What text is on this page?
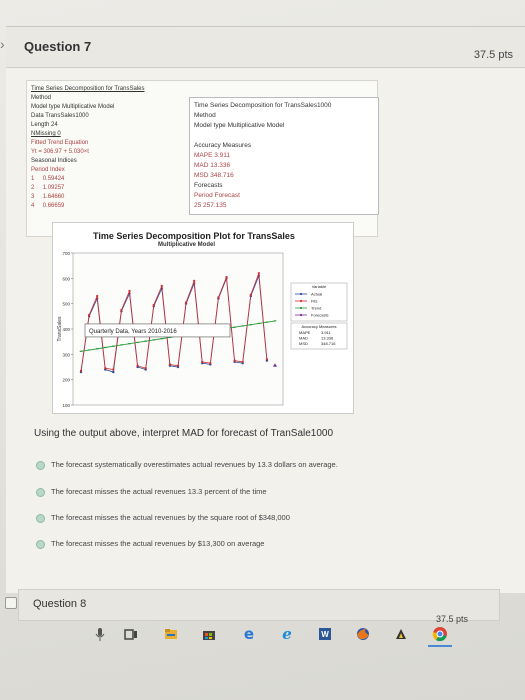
Question 7
37.5 pts
›
Time Series Decomposition for TransSales
Method
Model type Multiplicative Model
Data TransSales1000
Length 24
NMissing 0
Fitted Trend Equation
Yt = 306.97 + 5.030×t
Seasonal Indices
Period Index
1 0.59424
2 1.09257
3 1.64660
4 0.66659
Time Series Decomposition for TransSales1000
Method
Model type Multiplicative Model
Accuracy Measures
MAPE 3.911
MAD 13.336
MSD 348.716
Forecasts
Period Forecast
25 257.135
Time Series Decomposition Plot for TransSales
Multiplicative Model
700
600
500
400
300
200
100
TransSales	Quarterly Data, Years 2010-2016
Variable
Actual
Fits
Trend
Forecasts
Accuracy Measures
MAPE	3.911
MAD	13.336
MSD	348.716
Using the output above, interpret MAD for forecast of TranSale1000
The forecast systematically overestimates actual revenues by 13.3 dollars on average.
The forecast misses the actual revenues 13.3 percent of the time
The forecast misses the actual revenues by the square root of $348,000
The forecast misses the actual revenues by $13,300 on average
Question 8
37.5 pts
e e	W
